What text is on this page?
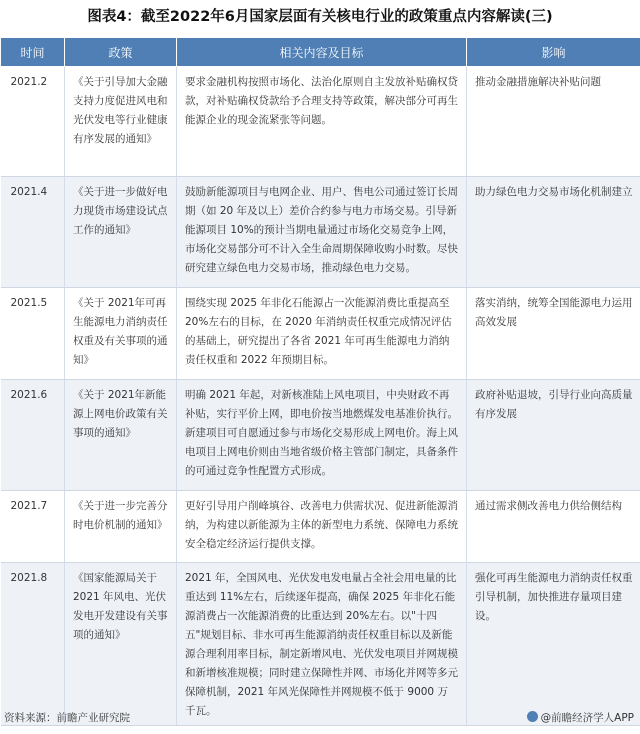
图表4：截至2022年6月国家层面有关核电行业的政策重点内容解读(三)
时间	政策	相关内容及目标	影响
2021.2	《关于引导加大金融支持力度促进风电和光伏发电等行业健康有序发展的通知》	要求金融机构按照市场化、法治化原则自主发放补贴确权贷款，对补贴确权贷款给予合理支持等政策，解决部分可再生能源企业的现金流紧张等问题。	推动金融措施解决补贴问题
2021.4	《关于进一步做好电力现货市场建设试点工作的通知》	鼓励新能源项目与电网企业、用户、售电公司通过签订长周期（如 20 年及以上）差价合约参与电力市场交易。引导新能源项目 10%的预计当期电量通过市场化交易竞争上网，市场化交易部分可不计入全生命周期保障收购小时数。尽快研究建立绿色电力交易市场，推动绿色电力交易。	助力绿色电力交易市场化机制建立
2021.5	《关于 2021年可再生能源电力消纳责任权重及有关事项的通知》	围绕实现 2025 年非化石能源占一次能源消费比重提高至 20%左右的目标，在 2020 年消纳责任权重完成情况评估的基础上，研究提出了各省 2021 年可再生能源电力消纳责任权重和 2022 年预期目标。	落实消纳，统筹全国能源电力运用高效发展
2021.6	《关于 2021年新能源上网电价政策有关事项的通知》	明确 2021 年起，对新核准陆上风电项目，中央财政不再补贴，实行平价上网，即电价按当地燃煤发电基准价执行。新建项目可自愿通过参与市场化交易形成上网电价。海上风电项目上网电价则由当地省级价格主管部门制定，具备条件的可通过竞争性配置方式形成。	政府补贴退坡，引导行业向高质量有序发展
2021.7	《关于进一步完善分时电价机制的通知》	更好引导用户削峰填谷、改善电力供需状况、促进新能源消纳，为构建以新能源为主体的新型电力系统、保障电力系统安全稳定经济运行提供支撑。	通过需求侧改善电力供给侧结构
2021.8	《国家能源局关于 2021 年风电、光伏发电开发建设有关事项的通知》	2021 年，全国风电、光伏发电发电量占全社会用电量的比重达到 11%左右，后续逐年提高，确保 2025 年非化石能源消费占一次能源消费的比重达到 20%左右。以"十四五"规划目标、非水可再生能源消纳责任权重目标以及新能源合理利用率目标，制定新增风电、光伏发电项目并网规模和新增核准规模；同时建立保障性并网、市场化并网等多元保障机制，2021 年风光保障性并网规模不低于 9000 万千瓦。	强化可再生能源电力消纳责任权重引导机制，加快推进存量项目建设。
资料来源：前瞻产业研究院	@前瞻经济学人APP
